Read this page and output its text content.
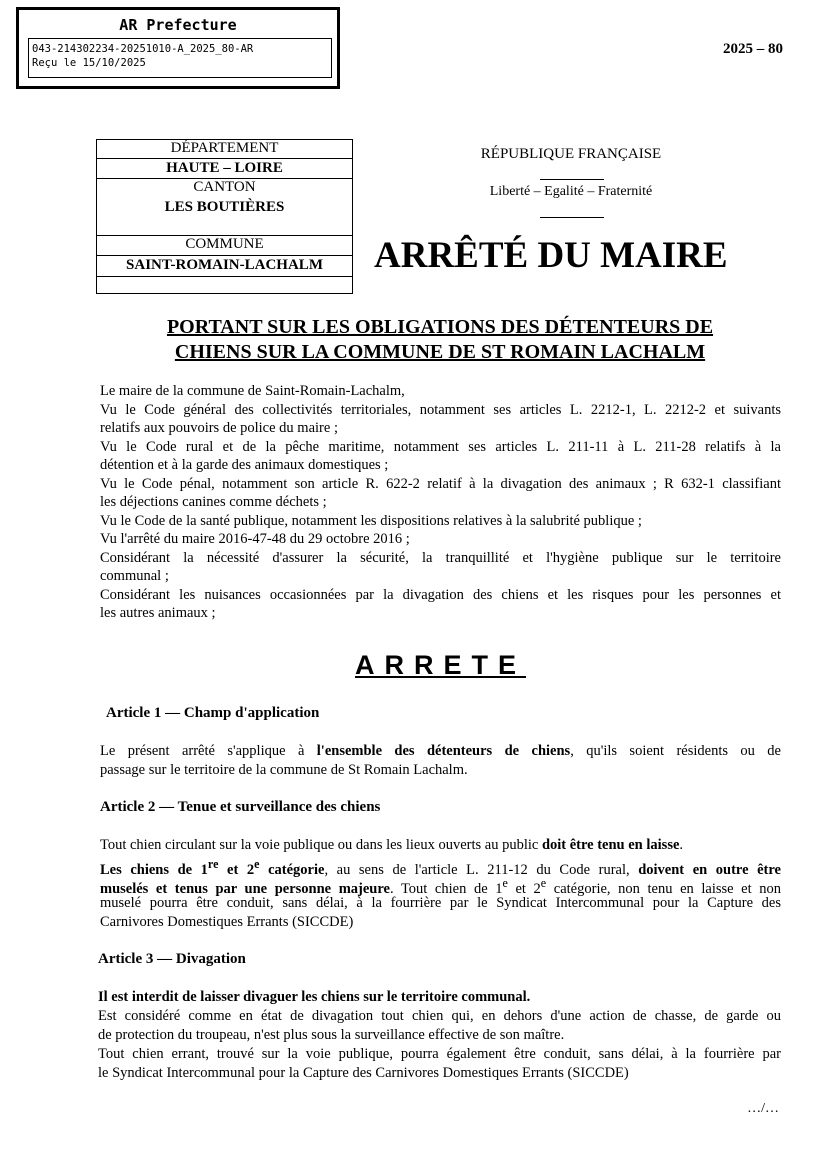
AR Prefecture
043-214302234-20251010-A_2025_80-AR
Reçu le 15/10/2025
2025 – 80
DÉPARTEMENT
HAUTE – LOIRE
CANTON
LES BOUTIÈRES
COMMUNE
SAINT-ROMAIN-LACHALM
RÉPUBLIQUE FRANÇAISE
Liberté – Egalité – Fraternité
ARRÊTÉ DU MAIRE
PORTANT SUR LES OBLIGATIONS DES DÉTENTEURS DE
CHIENS SUR LA COMMUNE DE ST ROMAIN LACHALM
Le maire de la commune de Saint-Romain-Lachalm,
Vu le Code général des collectivités territoriales, notamment ses articles L. 2212-1, L. 2212-2 et suivants
relatifs aux pouvoirs de police du maire ;
Vu le Code rural et de la pêche maritime, notamment ses articles L. 211-11 à L. 211-28 relatifs à la
détention et à la garde des animaux domestiques ;
Vu le Code pénal, notamment son article R. 622-2 relatif à la divagation des animaux ; R 632-1 classifiant
les déjections canines comme déchets ;
Vu le Code de la santé publique, notamment les dispositions relatives à la salubrité publique ;
Vu l'arrêté du maire 2016-47-48 du 29 octobre 2016 ;
Considérant la nécessité d'assurer la sécurité, la tranquillité et l'hygiène publique sur le territoire
communal ;
Considérant les nuisances occasionnées par la divagation des chiens et les risques pour les personnes et
les autres animaux ;
ARRETE
Article 1 — Champ d'application
Le présent arrêté s'applique à l'ensemble des détenteurs de chiens, qu'ils soient résidents ou de
passage sur le territoire de la commune de St Romain Lachalm.
Article 2 — Tenue et surveillance des chiens
Tout chien circulant sur la voie publique ou dans les lieux ouverts au public doit être tenu en laisse.
Les chiens de 1re et 2e catégorie, au sens de l'article L. 211-12 du Code rural, doivent en outre être
muselés et tenus par une personne majeure. Tout chien de 1e et 2e catégorie, non tenu en laisse et non
muselé pourra être conduit, sans délai, à la fourrière par le Syndicat Intercommunal pour la Capture des
Carnivores Domestiques Errants (SICCDE)
Article 3 — Divagation
Il est interdit de laisser divaguer les chiens sur le territoire communal.
Est considéré comme en état de divagation tout chien qui, en dehors d'une action de chasse, de garde ou
de protection du troupeau, n'est plus sous la surveillance effective de son maître.
Tout chien errant, trouvé sur la voie publique, pourra également être conduit, sans délai, à la fourrière par
le Syndicat Intercommunal pour la Capture des Carnivores Domestiques Errants (SICCDE)
…/…
